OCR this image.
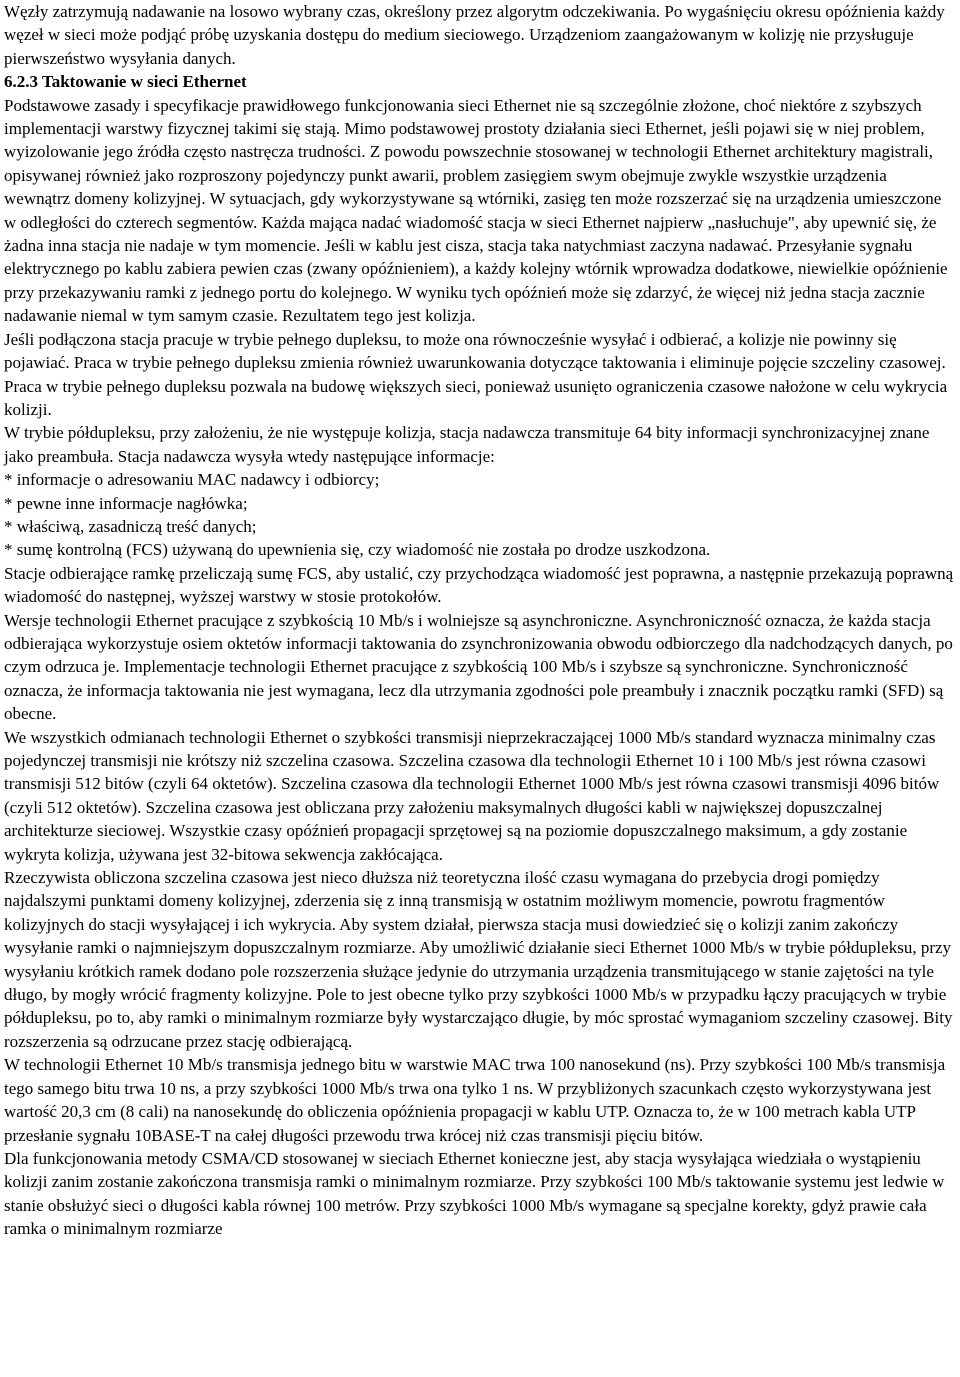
Węzły zatrzymują nadawanie na losowo wybrany czas, określony przez algorytm odczekiwania. Po wygaśnięciu okresu opóźnienia każdy węzeł w sieci może podjąć próbę uzyskania dostępu do medium sieciowego. Urządzeniom zaangażowanym w kolizję nie przysługuje pierwszeństwo wysyłania danych.

6.2.3 Taktowanie w sieci Ethernet

Podstawowe zasady i specyfikacje prawidłowego funkcjonowania sieci Ethernet nie są szczególnie złożone, choć niektóre z szybszych implementacji warstwy fizycznej takimi się stają. Mimo podstawowej prostoty działania sieci Ethernet, jeśli pojawi się w niej problem, wyizolowanie jego źródła często nastręcza trudności. Z powodu powszechnie stosowanej w technologii Ethernet architektury magistrali, opisywanej również jako rozproszony pojedynczy punkt awarii, problem zasięgiem swym obejmuje zwykle wszystkie urządzenia wewnątrz domeny kolizyjnej. W sytuacjach, gdy wykorzystywane są wtórniki, zasięg ten może rozszerzać się na urządzenia umieszczone w odległości do czterech segmentów. Każda mająca nadać wiadomość stacja w sieci Ethernet najpierw „nasłuchuje", aby upewnić się, że żadna inna stacja nie nadaje w tym momencie. Jeśli w kablu jest cisza, stacja taka natychmiast zaczyna nadawać. Przesyłanie sygnału elektrycznego po kablu zabiera pewien czas (zwany opóźnieniem), a każdy kolejny wtórnik wprowadza dodatkowe, niewielkie opóźnienie przy przekazywaniu ramki z jednego portu do kolejnego. W wyniku tych opóźnień może się zdarzyć, że więcej niż jedna stacja zacznie nadawanie niemal w tym samym czasie. Rezultatem tego jest kolizja.

Jeśli podłączona stacja pracuje w trybie pełnego dupleksu, to może ona równocześnie wysyłać i odbierać, a kolizje nie powinny się pojawiać. Praca w trybie pełnego dupleksu zmienia również uwarunkowania dotyczące taktowania i eliminuje pojęcie szczeliny czasowej. Praca w trybie pełnego dupleksu pozwala na budowę większych sieci, ponieważ usunięto ograniczenia czasowe nałożone w celu wykrycia kolizji.

W trybie półdupleksu, przy założeniu, że nie występuje kolizja, stacja nadawcza transmituje 64 bity informacji synchronizacyjnej znane jako preambuła. Stacja nadawcza wysyła wtedy następujące informacje:

* informacje o adresowaniu MAC nadawcy i odbiorcy;

* pewne inne informacje nagłówka;

* właściwą, zasadniczą treść danych;

* sumę kontrolną (FCS) używaną do upewnienia się, czy wiadomość nie została po drodze uszkodzona.

Stacje odbierające ramkę przeliczają sumę FCS, aby ustalić, czy przychodząca wiadomość jest poprawna, a następnie przekazują poprawną wiadomość do następnej, wyższej warstwy w stosie protokołów.

Wersje technologii Ethernet pracujące z szybkością 10 Mb/s i wolniejsze są asynchroniczne. Asynchroniczność oznacza, że każda stacja odbierająca wykorzystuje osiem oktetów informacji taktowania do zsynchronizowania obwodu odbiorczego dla nadchodzących danych, po czym odrzuca je. Implementacje technologii Ethernet pracujące z szybkością 100 Mb/s i szybsze są synchroniczne. Synchroniczność oznacza, że informacja taktowania nie jest wymagana, lecz dla utrzymania zgodności pole preambuły i znacznik początku ramki (SFD) są obecne.

We wszystkich odmianach technologii Ethernet o szybkości transmisji nieprzekraczającej 1000 Mb/s standard wyznacza minimalny czas pojedynczej transmisji nie krótszy niż szczelina czasowa. Szczelina czasowa dla technologii Ethernet 10 i 100 Mb/s jest równa czasowi transmisji 512 bitów (czyli 64 oktetów). Szczelina czasowa dla technologii Ethernet 1000 Mb/s jest równa czasowi transmisji 4096 bitów (czyli 512 oktetów). Szczelina czasowa jest obliczana przy założeniu maksymalnych długości kabli w największej dopuszczalnej architekturze sieciowej. Wszystkie czasy opóźnień propagacji sprzętowej są na poziomie dopuszczalnego maksimum, a gdy zostanie wykryta kolizja, używana jest 32-bitowa sekwencja zakłócająca.

Rzeczywista obliczona szczelina czasowa jest nieco dłuższa niż teoretyczna ilość czasu wymagana do przebycia drogi pomiędzy najdalszymi punktami domeny kolizyjnej, zderzenia się z inną transmisją w ostatnim możliwym momencie, powrotu fragmentów kolizyjnych do stacji wysyłającej i ich wykrycia. Aby system działał, pierwsza stacja musi dowiedzieć się o kolizji zanim zakończy wysyłanie ramki o najmniejszym dopuszczalnym rozmiarze. Aby umożliwić działanie sieci Ethernet 1000 Mb/s w trybie półdupleksu, przy wysyłaniu krótkich ramek dodano pole rozszerzenia służące jedynie do utrzymania urządzenia transmitującego w stanie zajętości na tyle długo, by mogły wrócić fragmenty kolizyjne. Pole to jest obecne tylko przy szybkości 1000 Mb/s w przypadku łączy pracujących w trybie półdupleksu, po to, aby ramki o minimalnym rozmiarze były wystarczająco długie, by móc sprostać wymaganiom szczeliny czasowej. Bity rozszerzenia są odrzucane przez stację odbierającą.

W technologii Ethernet 10 Mb/s transmisja jednego bitu w warstwie MAC trwa 100 nanosekund (ns). Przy szybkości 100 Mb/s transmisja tego samego bitu trwa 10 ns, a przy szybkości 1000 Mb/s trwa ona tylko 1 ns. W przybliżonych szacunkach często wykorzystywana jest wartość 20,3 cm (8 cali) na nanosekundę do obliczenia opóźnienia propagacji w kablu UTP. Oznacza to, że w 100 metrach kabla UTP przesłanie sygnału 10BASE-T na całej długości przewodu trwa krócej niż czas transmisji pięciu bitów.

Dla funkcjonowania metody CSMA/CD stosowanej w sieciach Ethernet konieczne jest, aby stacja wysyłająca wiedziała o wystąpieniu kolizji zanim zostanie zakończona transmisja ramki o minimalnym rozmiarze. Przy szybkości 100 Mb/s taktowanie systemu jest ledwie w stanie obsłużyć sieci o długości kabla równej 100 metrów. Przy szybkości 1000 Mb/s wymagane są specjalne korekty, gdyż prawie cała ramka o minimalnym rozmiarze
